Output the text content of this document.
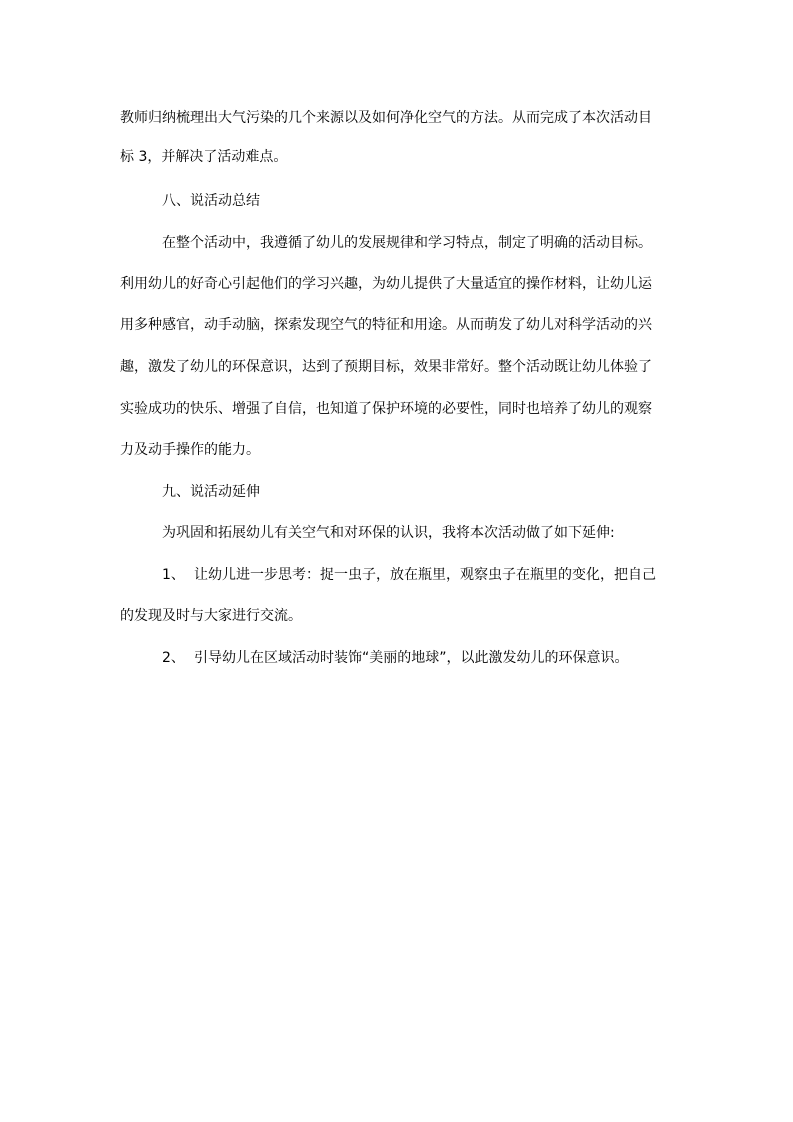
教师归纳梳理出大气污染的几个来源以及如何净化空气的方法。从而完成了本次活动目
标 3，并解决了活动难点。
八、说活动总结
在整个活动中，我遵循了幼儿的发展规律和学习特点，制定了明确的活动目标。
利用幼儿的好奇心引起他们的学习兴趣，为幼儿提供了大量适宜的操作材料，让幼儿运
用多种感官，动手动脑，探索发现空气的特征和用途。从而萌发了幼儿对科学活动的兴
趣，激发了幼儿的环保意识，达到了预期目标，效果非常好。整个活动既让幼儿体验了
实验成功的快乐、增强了自信，也知道了保护环境的必要性，同时也培养了幼儿的观察
力及动手操作的能力。
九、说活动延伸
为巩固和拓展幼儿有关空气和对环保的认识，我将本次活动做了如下延伸:
1、 让幼儿进一步思考：捉一虫子，放在瓶里，观察虫子在瓶里的变化，把自己
的发现及时与大家进行交流。
2、 引导幼儿在区域活动时装饰“美丽的地球”，以此激发幼儿的环保意识。
